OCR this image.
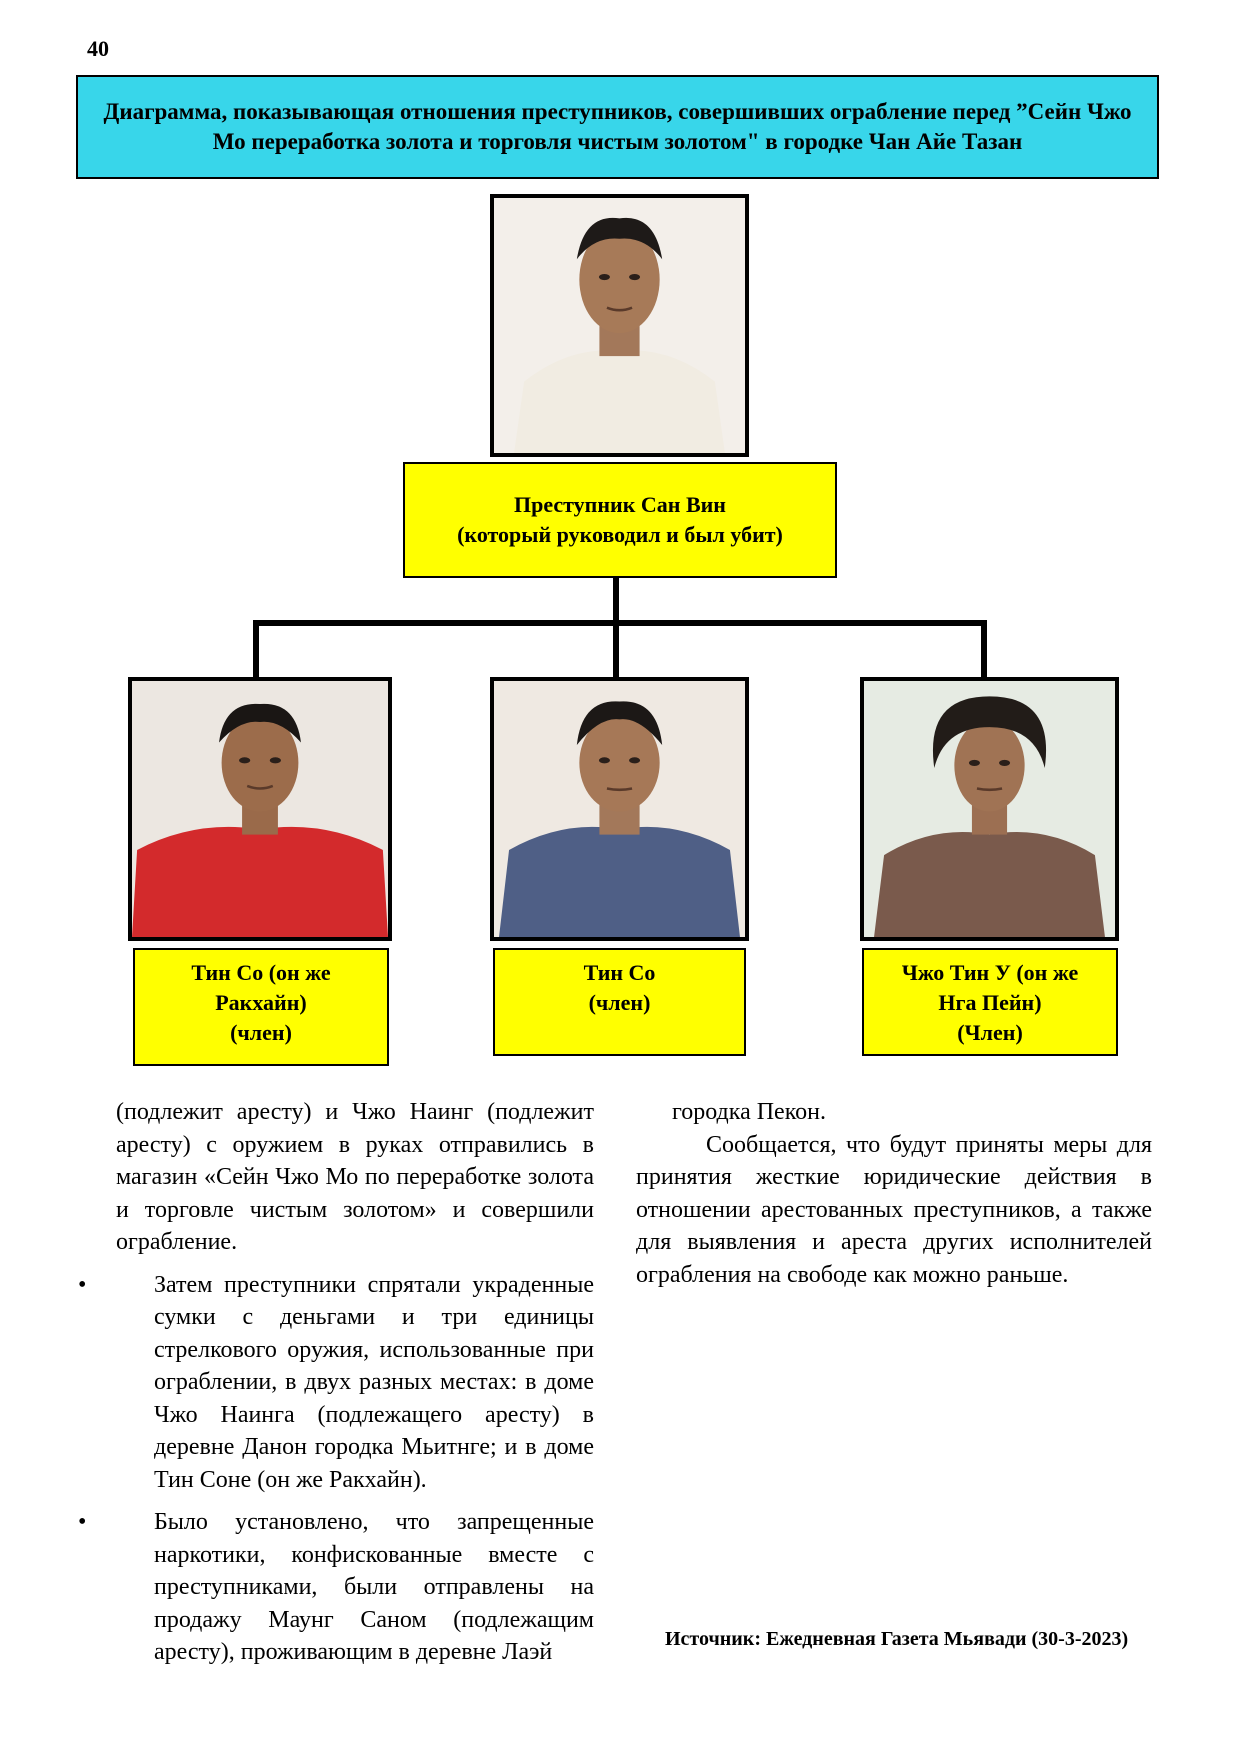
40
Диаграмма, показывающая отношения преступников, совершивших ограбление перед ”Сейн Чжо Мо переработка золота и торговля чистым золотом" в городке Чан Айе Тазан
Преступник Сан Вин
(который руководил и был убит)
Тин Со (он же
Ракхайн)
(член)
Тин Со
(член)
Чжо Тин У (он же
Нга Пейн)
(Член)

(подлежит аресту) и Чжо Наинг (подлежит аресту) с оружием в руках отправились в магазин «Сейн Чжо Мо по переработке золота и торговле чистым золотом» и совершили ограбление.

•	Затем преступники спрятали украденные сумки с деньгами и три единицы стрелкового оружия, использованные при ограблении, в двух разных местах: в доме Чжо Наинга (подлежащего аресту) в деревне Данон городка Мьитнге; и в доме Тин Соне (он же Ракхайн).

•	Было установлено, что запрещенные наркотики, конфискованные вместе с преступниками, были отправлены на продажу Маунг Саном (подлежащим аресту), проживающим в деревне Лаэй

городка Пекон.

Сообщается, что будут приняты меры для принятия жесткие юридические действия в отношении арестованных преступников, а также для выявления и ареста других исполнителей ограбления на свободе как можно раньше.

Источник: Ежедневная Газета Мьявади (30-3-2023)
